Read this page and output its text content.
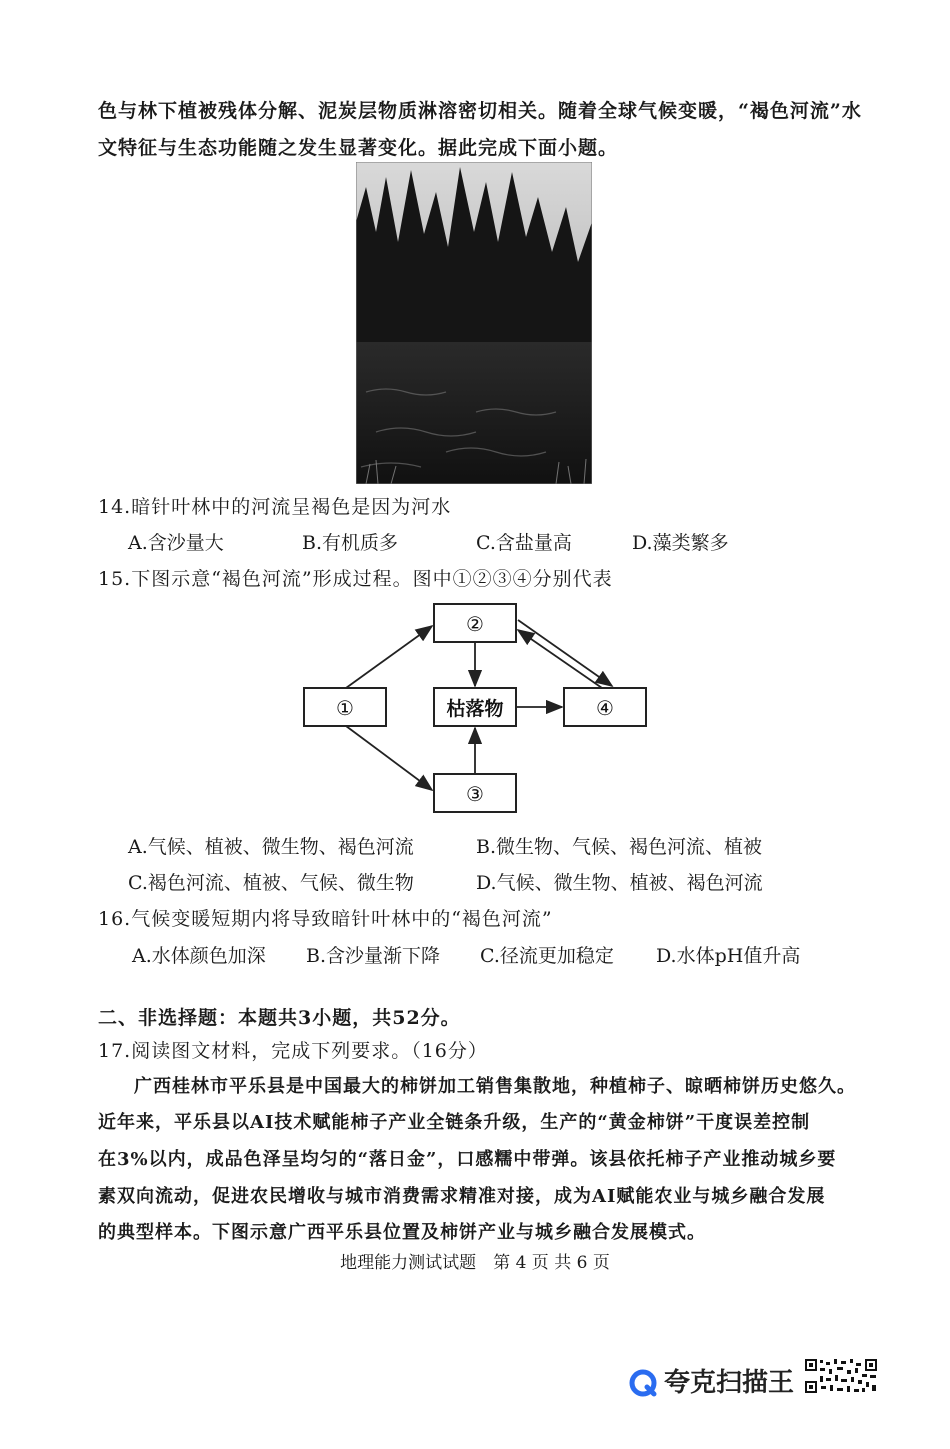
色与林下植被残体分解、泥炭层物质淋溶密切相关。随着全球气候变暖，“褐色河流”水
文特征与生态功能随之发生显著变化。据此完成下面小题。
14.暗针叶林中的河流呈褐色是因为河水
A.含沙量大	B.有机质多	C.含盐量高	D.藻类繁多
15.下图示意“褐色河流”形成过程。图中①②③④分别代表
②
①	枯落物	④
③
A.气候、植被、微生物、褐色河流	B.微生物、气候、褐色河流、植被
C.褐色河流、植被、气候、微生物	D.气候、微生物、植被、褐色河流
16.气候变暖短期内将导致暗针叶林中的“褐色河流”
A.水体颜色加深 B.含沙量渐下降 C.径流更加稳定 D.水体pH值升高
二、非选择题：本题共3小题，共52分。
17.阅读图文材料，完成下列要求。（16分）
广西桂林市平乐县是中国最大的柿饼加工销售集散地，种植柿子、晾晒柿饼历史悠久。
近年来，平乐县以AI技术赋能柿子产业全链条升级，生产的“黄金柿饼”干度误差控制
在3%以内，成品色泽呈均匀的“落日金”，口感糯中带弹。该县依托柿子产业推动城乡要
素双向流动，促进农民增收与城市消费需求精准对接，成为AI赋能农业与城乡融合发展
的典型样本。下图示意广西平乐县位置及柿饼产业与城乡融合发展模式。
地理能力测试试题　第 4 页 共 6 页
夸克扫描王
